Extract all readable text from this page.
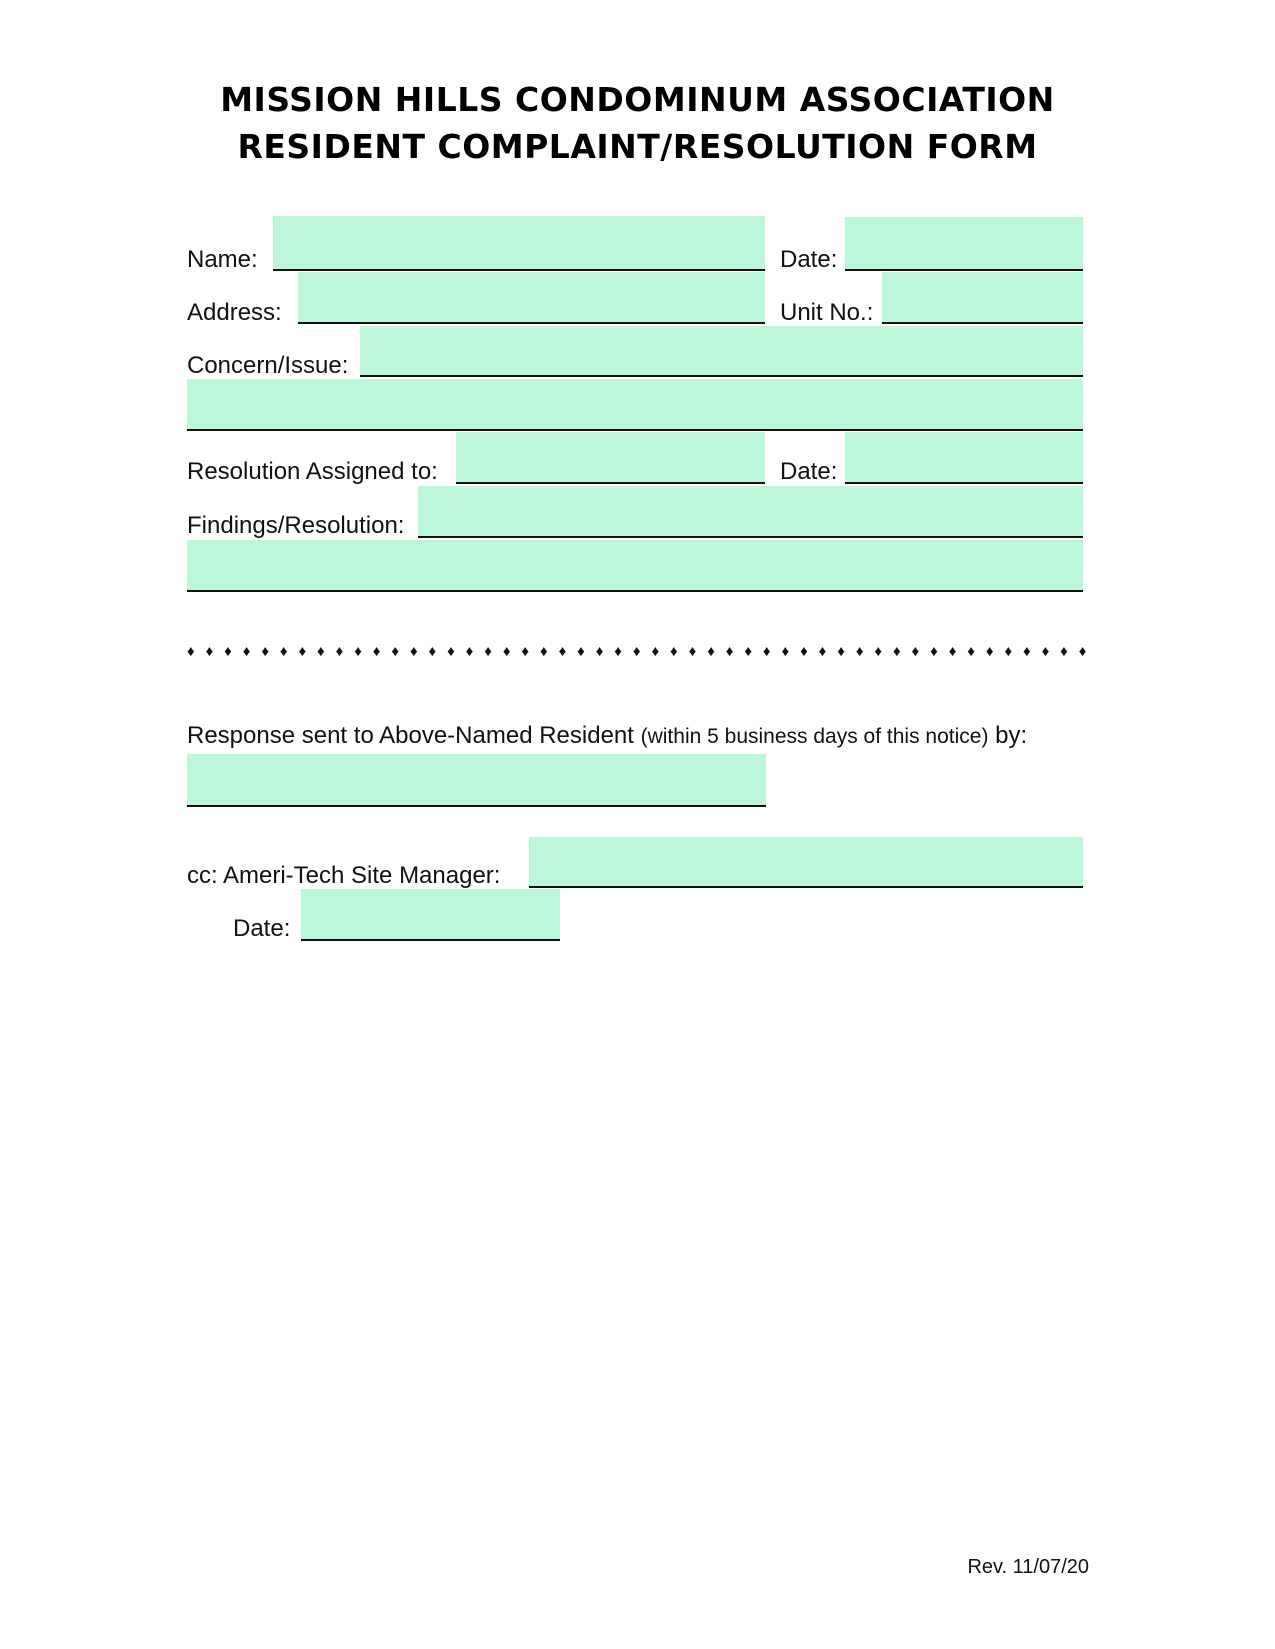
MISSION HILLS CONDOMINUM ASSOCIATION
RESIDENT COMPLAINT/RESOLUTION FORM
Name:	Date:
Address:	Unit No.:
Concern/Issue:
Resolution Assigned to:	Date:
Findings/Resolution:
♦ ♦ ♦ ♦ ♦ ♦ ♦ ♦ ♦ ♦ ♦ ♦ ♦ ♦ ♦ ♦ ♦ ♦ ♦ ♦ ♦ ♦ ♦ ♦ ♦ ♦ ♦ ♦ ♦ ♦ ♦ ♦ ♦ ♦ ♦ ♦ ♦ ♦ ♦ ♦ ♦ ♦ ♦ ♦ ♦ ♦ ♦ ♦ ♦
Response sent to Above-Named Resident (within 5 business days of this notice) by:
cc: Ameri-Tech Site Manager:
Date:
Rev. 11/07/20
